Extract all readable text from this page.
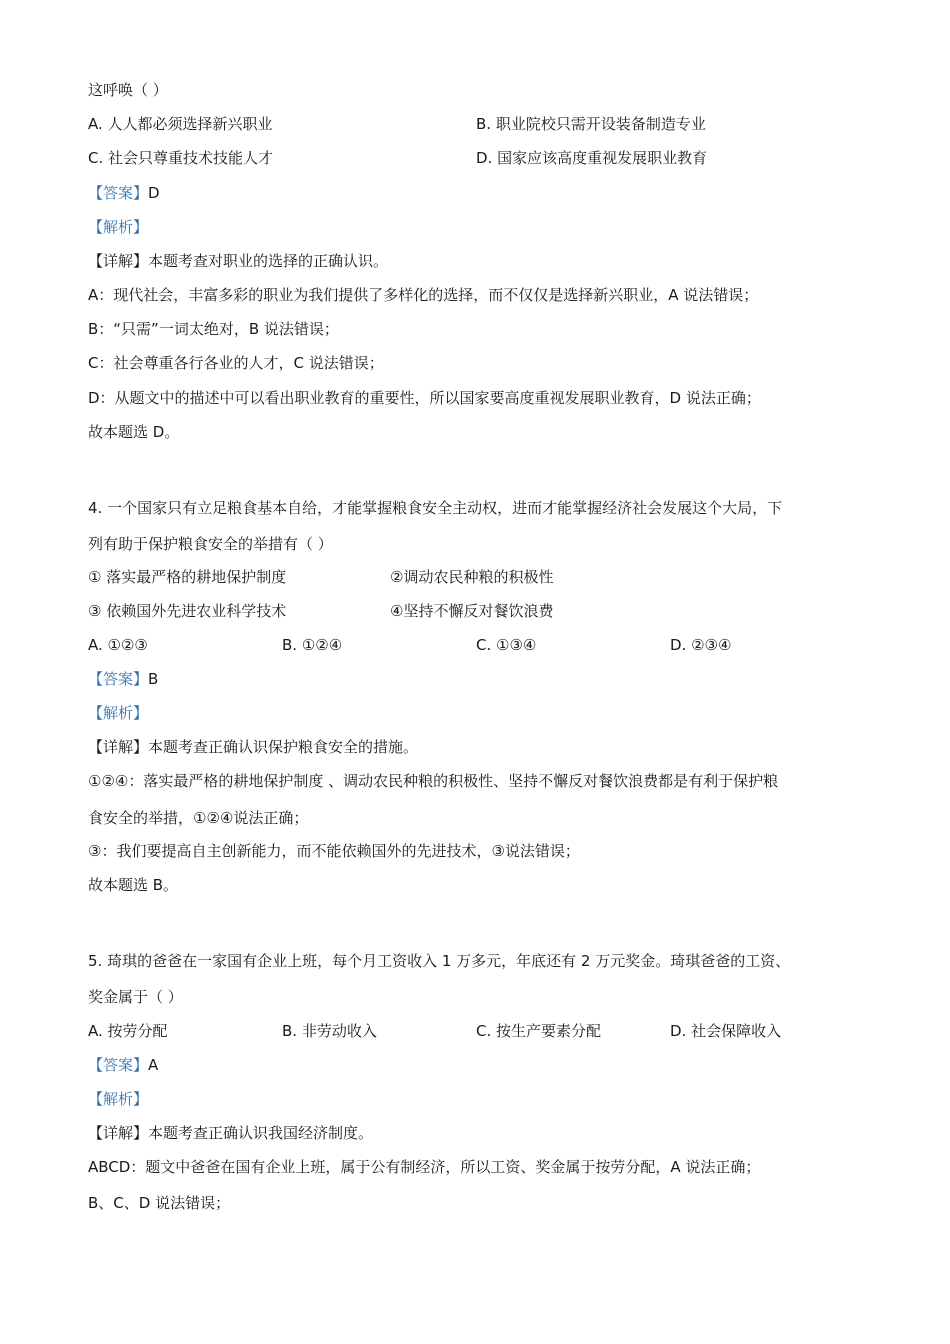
这呼唤（ ）
A. 人人都必须选择新兴职业	B. 职业院校只需开设装备制造专业
C. 社会只尊重技术技能人才	D. 国家应该高度重视发展职业教育
【答案】D
【解析】
【详解】本题考查对职业的选择的正确认识。
A：现代社会，丰富多彩的职业为我们提供了多样化的选择，而不仅仅是选择新兴职业，A 说法错误；
B：“只需”一词太绝对，B 说法错误；
C：社会尊重各行各业的人才，C 说法错误；
D：从题文中的描述中可以看出职业教育的重要性，所以国家要高度重视发展职业教育，D 说法正确；
故本题选 D。
4. 一个国家只有立足粮食基本自给，才能掌握粮食安全主动权，进而才能掌握经济社会发展这个大局，下
列有助于保护粮食安全的举措有（ ）
① 落实最严格的耕地保护制度	②调动农民种粮的积极性
③ 依赖国外先进农业科学技术	④坚持不懈反对餐饮浪费
A. ①②③	B. ①②④	C. ①③④	D. ②③④
【答案】B
【解析】
【详解】本题考查正确认识保护粮食安全的措施。
①②④：落实最严格的耕地保护制度 、调动农民种粮的积极性、坚持不懈反对餐饮浪费都是有利于保护粮
食安全的举措，①②④说法正确；
③：我们要提高自主创新能力，而不能依赖国外的先进技术，③说法错误；
故本题选 B。
5. 琦琪的爸爸在一家国有企业上班，每个月工资收入 1 万多元，年底还有 2 万元奖金。琦琪爸爸的工资、
奖金属于（ ）
A. 按劳分配	B. 非劳动收入	C. 按生产要素分配	D. 社会保障收入
【答案】A
【解析】
【详解】本题考查正确认识我国经济制度。
ABCD：题文中爸爸在国有企业上班，属于公有制经济，所以工资、奖金属于按劳分配，A 说法正确；
B、C、D 说法错误；
